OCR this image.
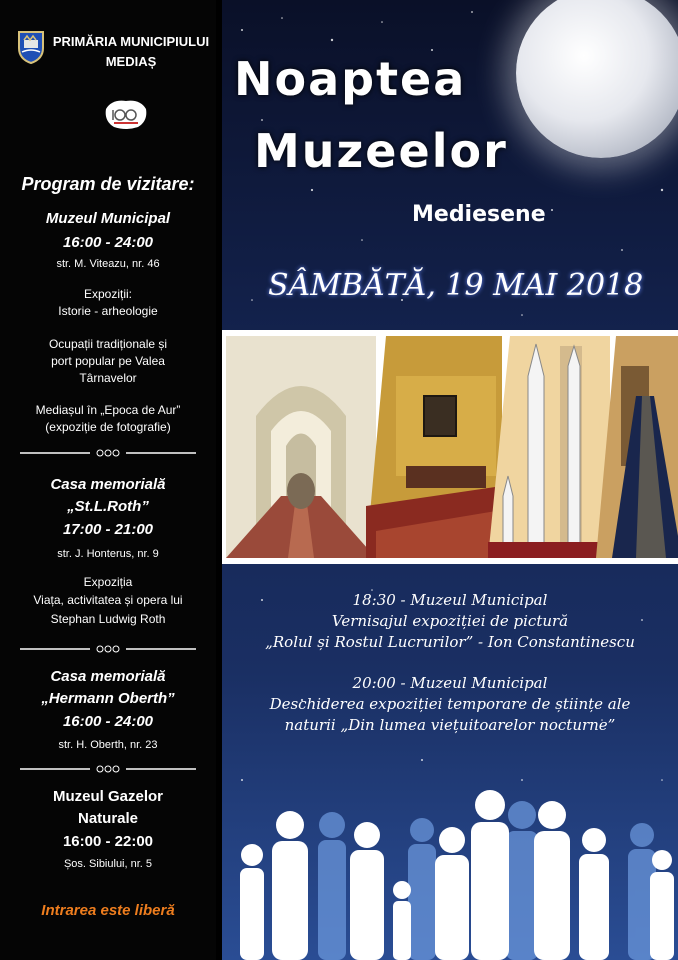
PRIMĂRIA MUNICIPIULUI
MEDIAȘ
Program de vizitare:
Muzeul Municipal
16:00 - 24:00
str. M. Viteazu, nr. 46
Expoziții:
Istorie - arheologie
Ocupații tradiționale și
port popular pe Valea
Târnavelor
Mediașul în „Epoca de Aur”
(expoziție de fotografie)
Casa memorială
„St.L.Roth”
17:00 - 21:00
str. J. Honterus, nr. 9
Expoziția
Viața, activitatea și opera lui
Stephan Ludwig Roth
Casa memorială
„Hermann Oberth”
16:00 - 24:00
str. H. Oberth, nr. 23
Muzeul Gazelor
Naturale
16:00 - 22:00
Șos. Sibiului, nr. 5
Intrarea este liberă
Noaptea
Muzeelor
Mediesene
SÂMBĂTĂ, 19 MAI 2018
18:30 - Muzeul Municipal
Vernisajul expoziției de pictură
„Rolul și Rostul Lucrurilor” - Ion Constantinescu
20:00 - Muzeul Municipal
Deschiderea expoziției temporare de științe ale
naturii „Din lumea viețuitoarelor nocturne”
